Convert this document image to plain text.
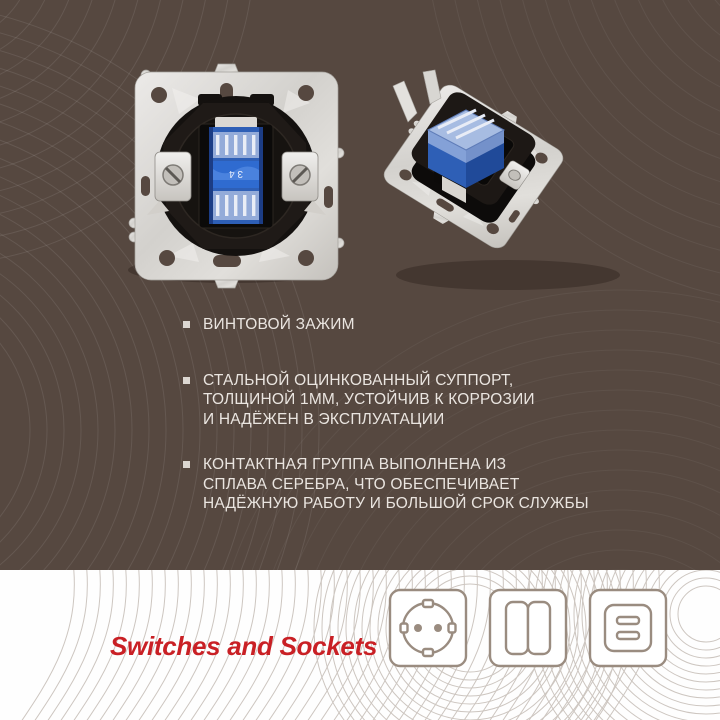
3 4

ВИНТОВОЙ ЗАЖИМ

СТАЛЬНОЙ ОЦИНКОВАННЫЙ СУППОРТ,
ТОЛЩИНОЙ 1ММ, УСТОЙЧИВ К КОРРОЗИИ
И НАДЁЖЕН В ЭКСПЛУАТАЦИИ

КОНТАКТНАЯ ГРУППА ВЫПОЛНЕНА ИЗ
СПЛАВА СЕРЕБРА, ЧТО ОБЕСПЕЧИВАЕТ
НАДЁЖНУЮ РАБОТУ И БОЛЬШОЙ СРОК СЛУЖБЫ

Switches and Sockets
